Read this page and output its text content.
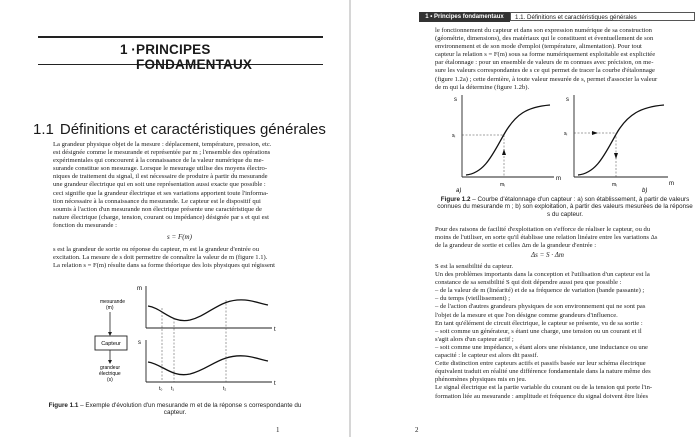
1 · PRINCIPES FONDAMENTAUX
1.1 Définitions et caractéristiques générales

La grandeur physique objet de la mesure : déplacement, température, pression, etc.

est désignée comme le mesurande et représentée par m ; l'ensemble des opérations

expérimentales qui concourent à la connaissance de la valeur numérique du me-

surande constitue son mesurage. Lorsque le mesurage utilise des moyens électro-

niques de traitement du signal, il est nécessaire de produire à partir du mesurande

une grandeur électrique qui en soit une représentation aussi exacte que possible :

ceci signifie que la grandeur électrique et ses variations apportent toute l'informa-

tion nécessaire à la connaissance du mesurande. Le capteur est le dispositif qui

soumis à l'action d'un mesurande non électrique présente une caractéristique de

nature électrique (charge, tension, courant ou impédance) désignée par s et qui est

fonction du mesurande :

s = F(m)

s est la grandeur de sortie ou réponse du capteur, m est la grandeur d'entrée ou

excitation. La mesure de s doit permettre de connaître la valeur de m (figure 1.1).

La relation s = F(m) résulte dans sa forme théorique des lois physiques qui régissent

mesurande
(m)
Capteur
grandeur
électrique
(s)
m
t
s
t
t₀ t₁	t₂
Figure 1.1 – Exemple d'évolution d'un mesurande m et de la réponse s correspondante du
capteur.
1
1 • Principes fondamentaux	1.1. Définitions et caractéristiques générales

le fonctionnement du capteur et dans son expression numérique de sa construction

(géométrie, dimensions), des matériaux qui le constituent et éventuellement de son

environnement et de son mode d'emploi (température, alimentation). Pour tout

capteur la relation s = F(m) sous sa forme numériquement exploitable est explicitée

par étalonnage : pour un ensemble de valeurs de m connues avec précision, on me-

sure les valeurs correspondantes de s ce qui permet de tracer la courbe d'étalonnage

(figure 1.2a) ; cette dernière, à toute valeur mesurée de s, permet d'associer la valeur

de m qui la détermine (figure 1.2b).

s
m
sᵢ
mᵢ
a)
s
m
sᵢ
mᵢ
b)
Figure 1.2 – Courbe d'étalonnage d'un capteur : a) son établissement, à partir de valeurs
connues du mesurande m ; b) son exploitation, à partir des valeurs mesurées de la réponse
s du capteur.

Pour des raisons de facilité d'exploitation on s'efforce de réaliser le capteur, ou du

moins de l'utiliser, en sorte qu'il établisse une relation linéaire entre les variations Δs

de la grandeur de sortie et celles Δm de la grandeur d'entrée :

Δs = S · Δm

S est la sensibilité du capteur.

Un des problèmes importants dans la conception et l'utilisation d'un capteur est la

constance de sa sensibilité S qui doit dépendre aussi peu que possible :

– de la valeur de m (linéarité) et de sa fréquence de variation (bande passante) ;

– du temps (vieillissement) ;

– de l'action d'autres grandeurs physiques de son environnement qui ne sont pas

l'objet de la mesure et que l'on désigne comme grandeurs d'influence.

En tant qu'élément de circuit électrique, le capteur se présente, vu de sa sortie :

– soit comme un générateur, s étant une charge, une tension ou un courant et il

s'agit alors d'un capteur actif ;

– soit comme une impédance, s étant alors une résistance, une inductance ou une

capacité : le capteur est alors dit passif.

Cette distinction entre capteurs actifs et passifs basée sur leur schéma électrique

équivalent traduit en réalité une différence fondamentale dans la nature même des

phénomènes physiques mis en jeu.

Le signal électrique est la partie variable du courant ou de la tension qui porte l'in-

formation liée au mesurande : amplitude et fréquence du signal doivent être liées

2
